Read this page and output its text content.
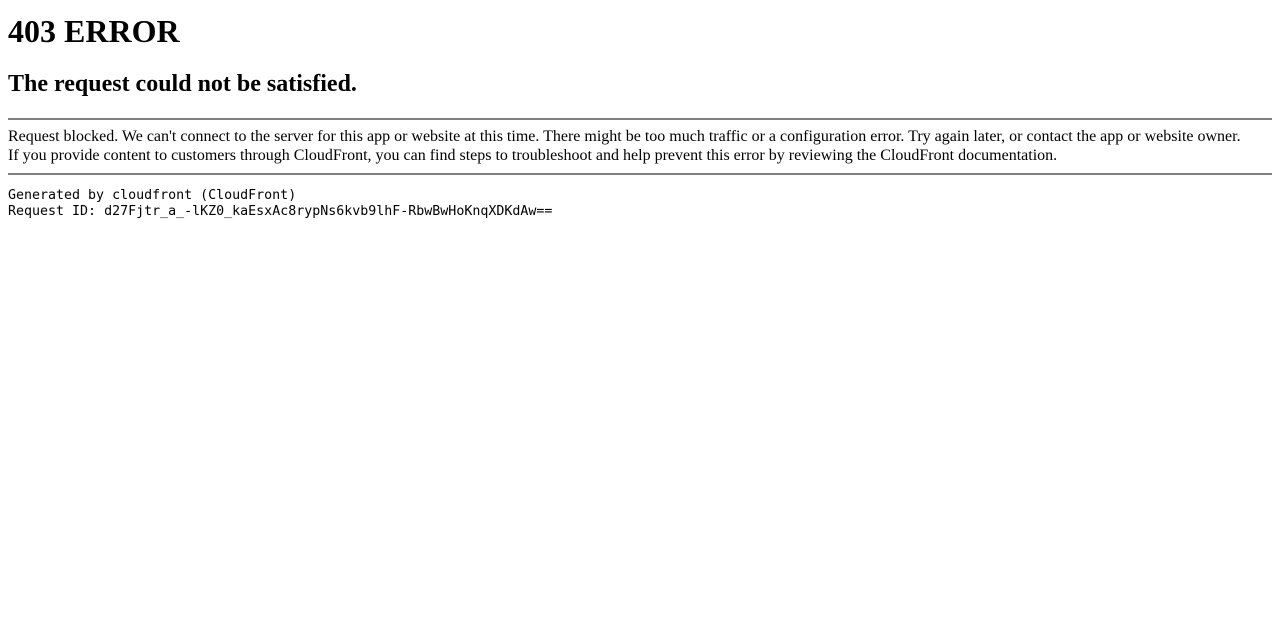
403 ERROR
The request could not be satisfied.
Request blocked. We can't connect to the server for this app or website at this time. There might be too much traffic or a configuration error. Try again later, or contact the app or website owner.
If you provide content to customers through CloudFront, you can find steps to troubleshoot and help prevent this error by reviewing the CloudFront documentation.
Generated by cloudfront (CloudFront)
Request ID: d27Fjtr_a_-lKZ0_kaEsxAc8rypNs6kvb9lhF-RbwBwHoKnqXDKdAw==
